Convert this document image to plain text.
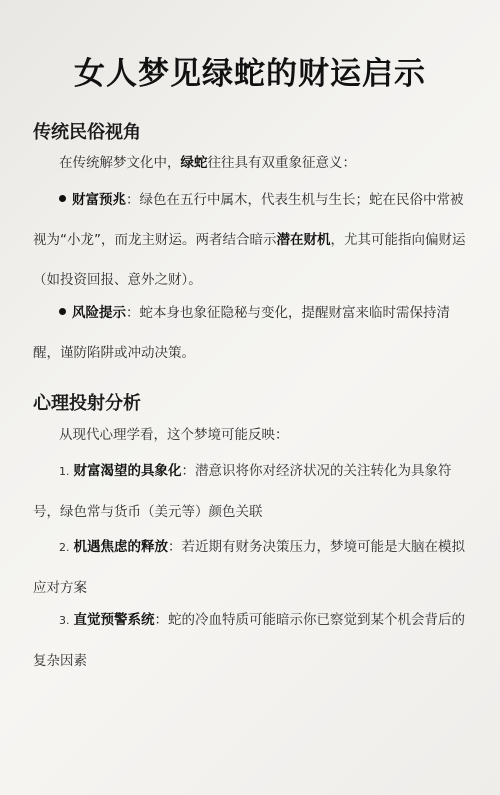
女人梦见绿蛇的财运启示
传统民俗视角
在传统解梦文化中，绿蛇往往具有双重象征意义：
财富预兆：绿色在五行中属木，代表生机与生长；蛇在民俗中常被视为“小龙”，而龙主财运。两者结合暗示潜在财机，尤其可能指向偏财运（如投资回报、意外之财）。
风险提示：蛇本身也象征隐秘与变化，提醒财富来临时需保持清醒，谨防陷阱或冲动决策。
心理投射分析
从现代心理学看，这个梦境可能反映：
1. 财富渴望的具象化：潜意识将你对经济状况的关注转化为具象符号，绿色常与货币（美元等）颜色关联
2. 机遇焦虑的释放：若近期有财务决策压力，梦境可能是大脑在模拟应对方案
3. 直觉预警系统：蛇的冷血特质可能暗示你已察觉到某个机会背后的复杂因素
